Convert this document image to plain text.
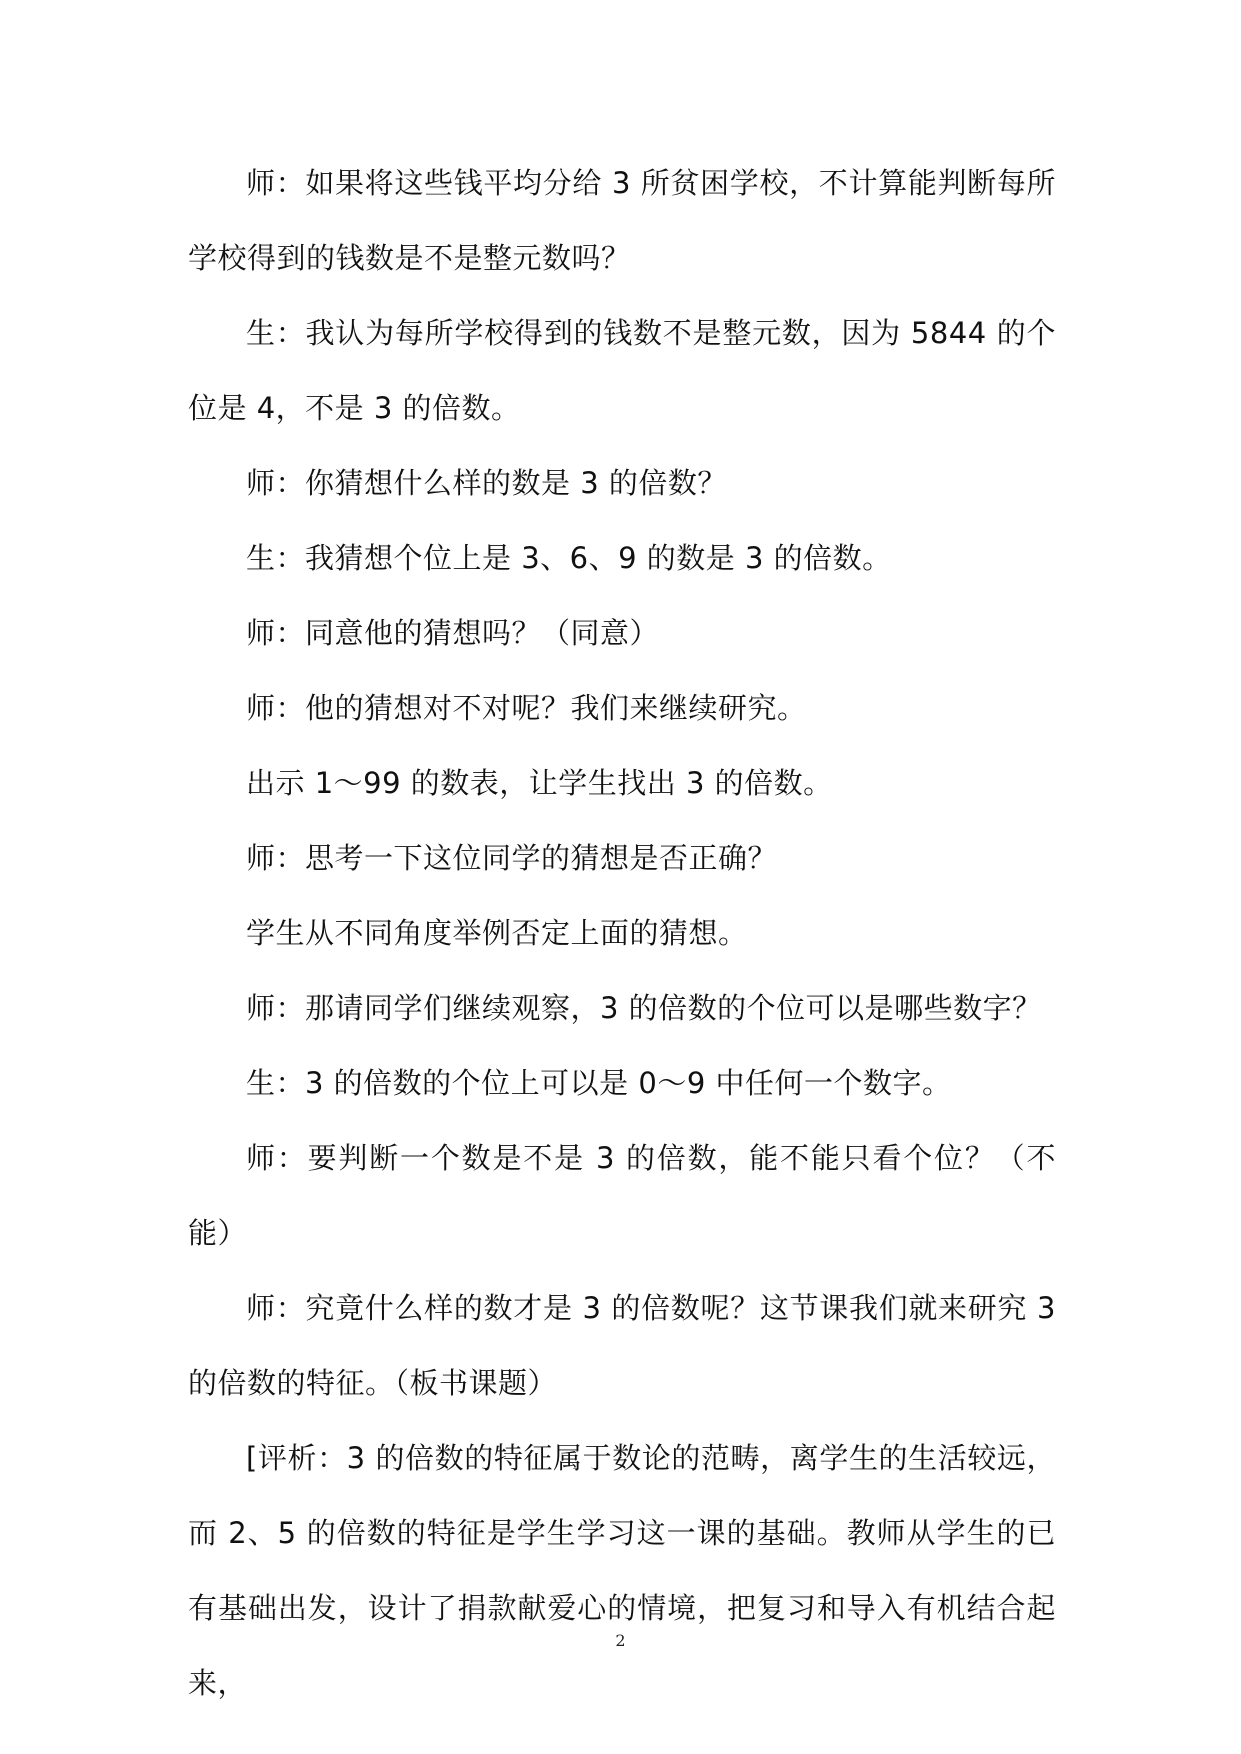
师：如果将这些钱平均分给 3 所贫困学校，不计算能判断每所学校得到的钱数是不是整元数吗？

生：我认为每所学校得到的钱数不是整元数，因为 5844 的个位是 4，不是 3 的倍数。

师：你猜想什么样的数是 3 的倍数？

生：我猜想个位上是 3、6、9 的数是 3 的倍数。

师：同意他的猜想吗？（同意）

师：他的猜想对不对呢？我们来继续研究。

出示 1～99 的数表，让学生找出 3 的倍数。

师：思考一下这位同学的猜想是否正确？

学生从不同角度举例否定上面的猜想。

师：那请同学们继续观察，3 的倍数的个位可以是哪些数字？

生：3 的倍数的个位上可以是 0～9 中任何一个数字。

师：要判断一个数是不是 3 的倍数，能不能只看个位？（不能）

师：究竟什么样的数才是 3 的倍数呢？这节课我们就来研究 3 的倍数的特征。（板书课题）

[评析：3 的倍数的特征属于数论的范畴，离学生的生活较远，而 2、5 的倍数的特征是学生学习这一课的基础。教师从学生的已有基础出发，设计了捐款献爱心的情境，把复习和导入有机结合起来，

2
